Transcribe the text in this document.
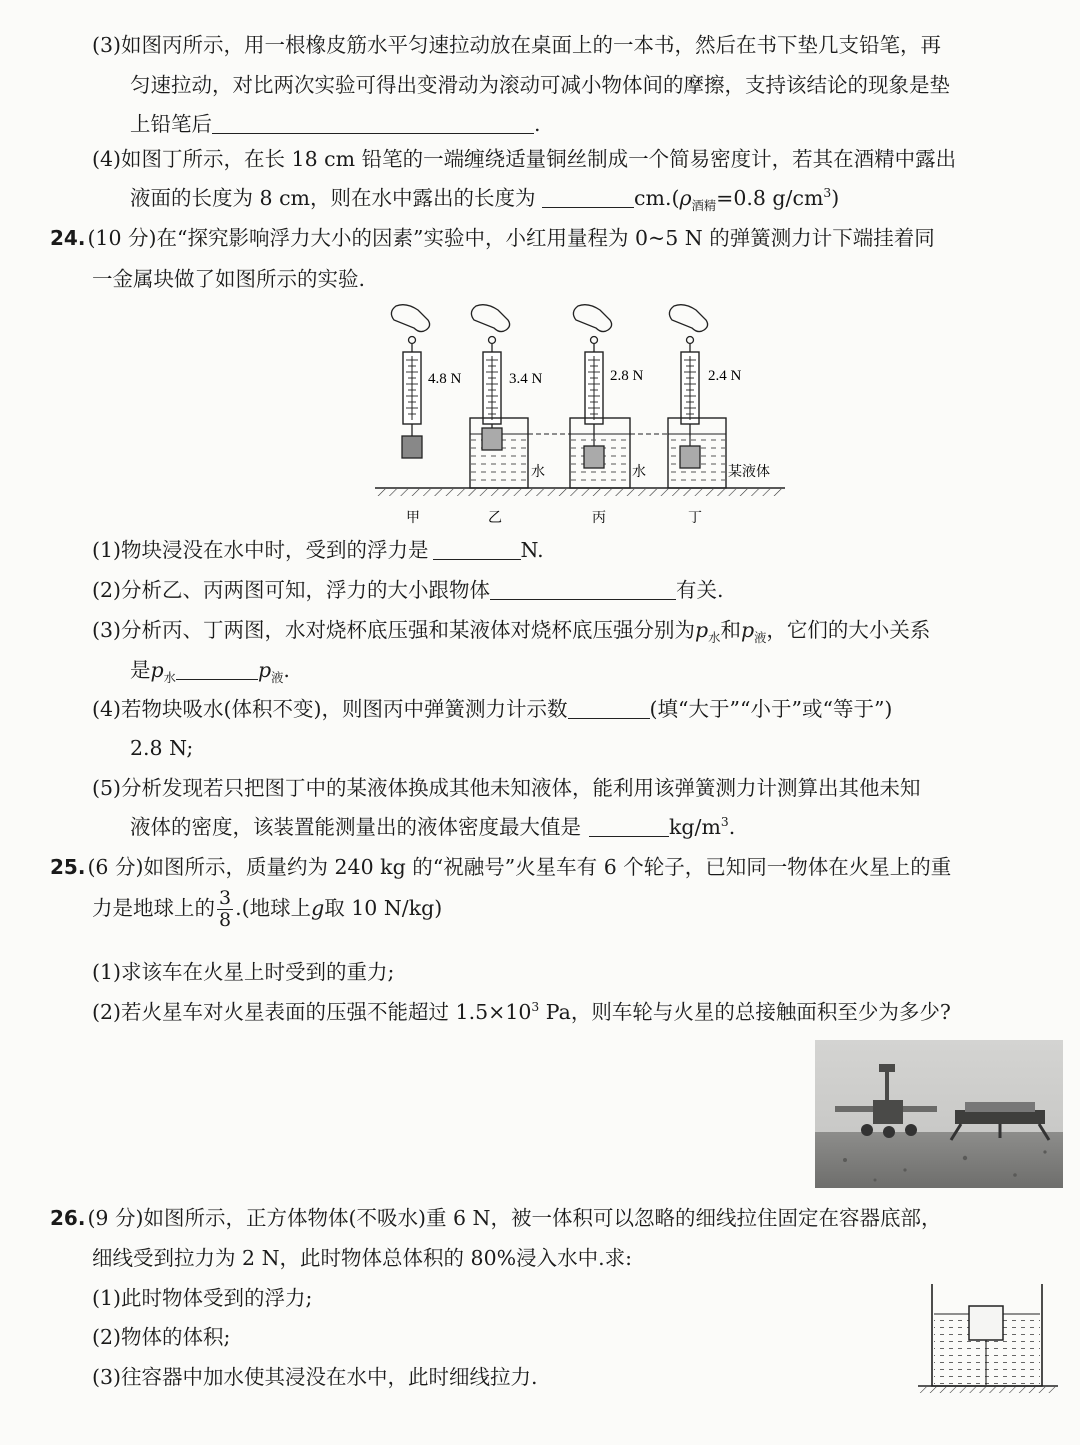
(3)如图丙所示，用一根橡皮筋水平匀速拉动放在桌面上的一本书，然后在书下垫几支铅笔，再
匀速拉动，对比两次实验可得出变滑动为滚动可减小物体间的摩擦，支持该结论的现象是垫
上铅笔后	.
(4)如图丁所示，在长 18 cm 铅笔的一端缠绕适量铜丝制成一个简易密度计，若其在酒精中露出
液面的长度为 8 cm，则在水中露出的长度为	$cm.(\rho_{酒精}=0.8$ $g/cm^3$)
24.(10 分)在“探究影响浮力大小的因素”实验中，小红用量程为 0~5 N 的弹簧测力计下端挂着同
一金属块做了如图所示的实验.
4.8 N	3.4 N
水
2.8 N
水
2.4 N
某液体
甲	乙	丙	丁
(1)物块浸没在水中时，受到的浮力是	N.
(2)分析乙、丙两图可知，浮力的大小跟物体	有关.
(3)分析丙、丁两图，水对烧杯底压强和某液体对烧杯底压强分别为$p_水$和$p_液$，它们的大小关系
是$p_水$	$p_液$.
(4)若物块吸水(体积不变)，则图丙中弹簧测力计示数	(填“大于”“小于”或“等于”)
2.8 N;
(5)分析发现若只把图丁中的某液体换成其他未知液体，能利用该弹簧测力计测算出其他未知
液体的密度，该装置能测量出的液体密度最大值是	$kg/m^3$.
25.(6 分)如图所示，质量约为 240 kg 的“祝融号”火星车有 6 个轮子，已知同一物体在火星上的重
力是地球上的 $\frac{3}{8}$ .(地球上g取 10 N/kg)
(1)求该车在火星上时受到的重力;
(2)若火星车对火星表面的压强不能超过 $1.5\times 10^3$ Pa，则车轮与火星的总接触面积至少为多少?
26.(9 分)如图所示，正方体物体(不吸水)重 6 N，被一体积可以忽略的细线拉住固定在容器底部，
细线受到拉力为 2 N，此时物体总体积的 80%浸入水中.求:
(1)此时物体受到的浮力;
(2)物体的体积;
(3)往容器中加水使其浸没在水中，此时细线拉力.
